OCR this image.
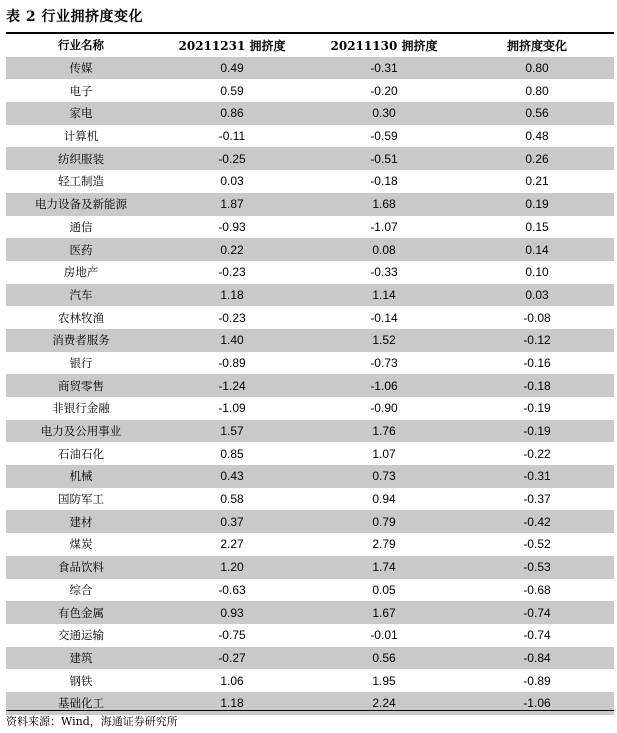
表 2 行业拥挤度变化
行业名称	20211231 拥挤度	20211130 拥挤度	拥挤度变化
传媒	0.49	-0.31	0.80
电子	0.59	-0.20	0.80
家电	0.86	0.30	0.56
计算机	-0.11	-0.59	0.48
纺织服装	-0.25	-0.51	0.26
轻工制造	0.03	-0.18	0.21
电力设备及新能源	1.87	1.68	0.19
通信	-0.93	-1.07	0.15
医药	0.22	0.08	0.14
房地产	-0.23	-0.33	0.10
汽车	1.18	1.14	0.03
农林牧渔	-0.23	-0.14	-0.08
消费者服务	1.40	1.52	-0.12
银行	-0.89	-0.73	-0.16
商贸零售	-1.24	-1.06	-0.18
非银行金融	-1.09	-0.90	-0.19
电力及公用事业	1.57	1.76	-0.19
石油石化	0.85	1.07	-0.22
机械	0.43	0.73	-0.31
国防军工	0.58	0.94	-0.37
建材	0.37	0.79	-0.42
煤炭	2.27	2.79	-0.52
食品饮料	1.20	1.74	-0.53
综合	-0.63	0.05	-0.68
有色金属	0.93	1.67	-0.74
交通运输	-0.75	-0.01	-0.74
建筑	-0.27	0.56	-0.84
钢铁	1.06	1.95	-0.89
基础化工	1.18	2.24	-1.06
资料来源：Wind，海通证券研究所
